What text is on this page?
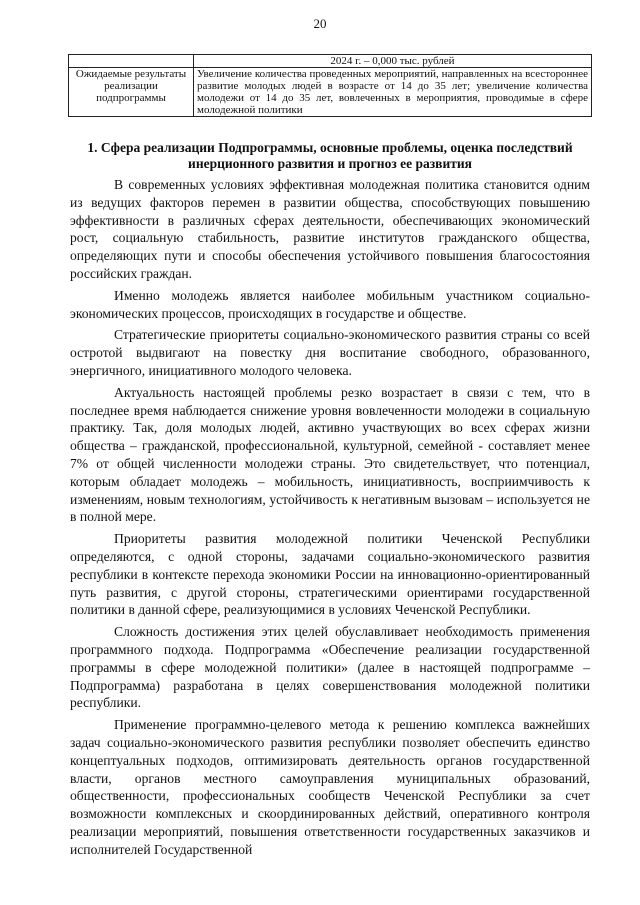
20
	2024 г. – 0,000 тыс. рублей
Ожидаемые результаты реализации подпрограммы	Увеличение количества проведенных мероприятий, направленных на всестороннее развитие молодых людей в возрасте от 14 до 35 лет; увеличение количества молодежи от 14 до 35 лет, вовлеченных в мероприятия, проводимые в сфере молодежной политики
1. Сфера реализации Подпрограммы, основные проблемы, оценка последствий инерционного развития и прогноз ее развития

В современных условиях эффективная молодежная политика становится одним из ведущих факторов перемен в развитии общества, способствующих повышению эффективности в различных сферах деятельности, обеспечивающих экономический рост, социальную стабильность, развитие институтов гражданского общества, определяющих пути и способы обеспечения устойчивого повышения благосостояния российских граждан.

Именно молодежь является наиболее мобильным участником социально-экономических процессов, происходящих в государстве и обществе.

Стратегические приоритеты социально-экономического развития страны со всей остротой выдвигают на повестку дня воспитание свободного, образованного, энергичного, инициативного молодого человека.

Актуальность настоящей проблемы резко возрастает в связи с тем, что в последнее время наблюдается снижение уровня вовлеченности молодежи в социальную практику. Так, доля молодых людей, активно участвующих во всех сферах жизни общества – гражданской, профессиональной, культурной, семейной - составляет менее 7% от общей численности молодежи страны. Это свидетельствует, что потенциал, которым обладает молодежь – мобильность, инициативность, восприимчивость к изменениям, новым технологиям, устойчивость к негативным вызовам – используется не в полной мере.

Приоритеты развития молодежной политики Чеченской Республики определяются, с одной стороны, задачами социально-экономического развития республики в контексте перехода экономики России на инновационно-ориентированный путь развития, с другой стороны, стратегическими ориентирами государственной политики в данной сфере, реализующимися в условиях Чеченской Республики.

Сложность достижения этих целей обуславливает необходимость применения программного подхода. Подпрограмма «Обеспечение реализации государственной программы в сфере молодежной политики» (далее в настоящей подпрограмме – Подпрограмма) разработана в целях совершенствования молодежной политики республики.

Применение программно-целевого метода к решению комплекса важнейших задач социально-экономического развития республики позволяет обеспечить единство концептуальных подходов, оптимизировать деятельность органов государственной власти, органов местного самоуправления муниципальных образований, общественности, профессиональных сообществ Чеченской Республики за счет возможности комплексных и скоординированных действий, оперативного контроля реализации мероприятий, повышения ответственности государственных заказчиков и исполнителей Государственной
